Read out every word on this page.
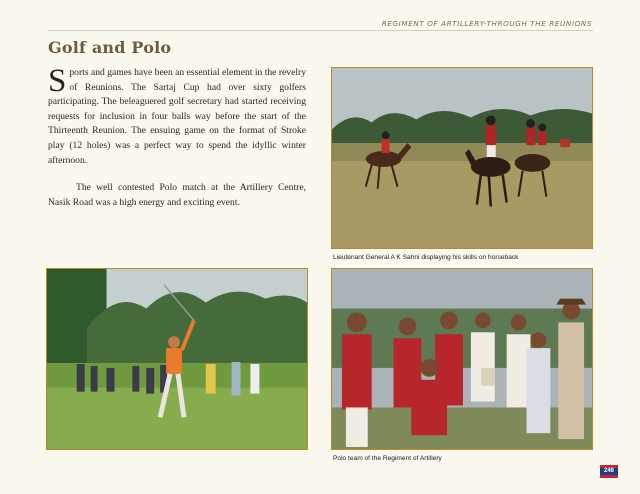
REGIMENT OF ARTILLERY-THROUGH THE REUNIONS
Golf and Polo

Sports and games have been an essential element in the revelry of Reunions. The Sartaj Cup had over sixty golfers participating. The beleaguered golf secretary had started receiving requests for inclusion in four balls way before the start of the Thirteenth Reunion. The ensuing game on the format of Stroke play (12 holes) was a perfect way to spend the idyllic winter afternoon.

The well contested Polo match at the Artillery Centre, Nasik Road was a high energy and exciting event.

Lieutenant General A K Sahni displaying his skills on horseback
Polo team of the Regiment of Artillery
246
